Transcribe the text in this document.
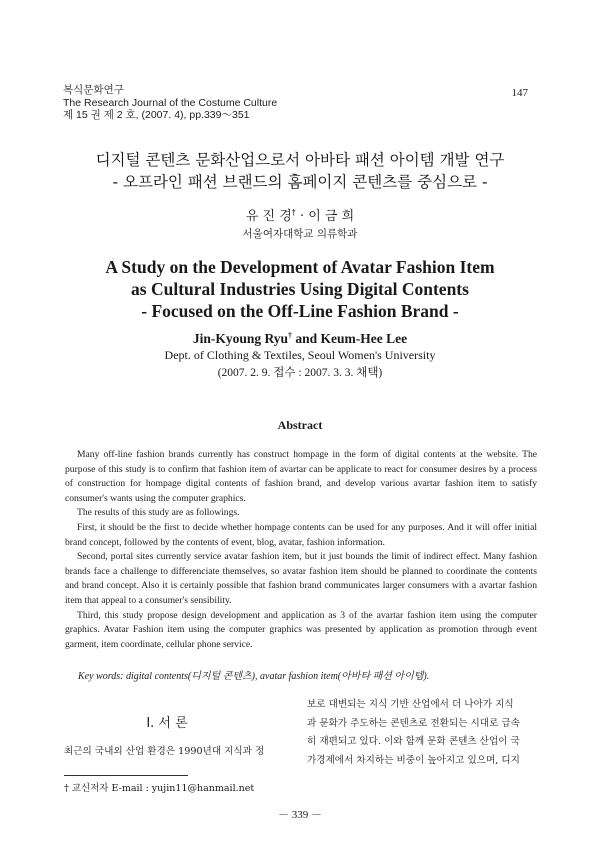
복식문화연구
The Research Journal of the Costume Culture
제 15 권 제 2 호, (2007. 4), pp.339～351
147
디지털 콘텐츠 문화산업으로서 아바타 패션 아이템 개발 연구
- 오프라인 패션 브랜드의 홈페이지 콘텐츠를 중심으로 -
유 진 경† · 이 금 희
서울여자대학교 의류학과
A Study on the Development of Avatar Fashion Item
as Cultural Industries Using Digital Contents
- Focused on the Off-Line Fashion Brand -
Jin-Kyoung Ryu† and Keum-Hee Lee
Dept. of Clothing & Textiles, Seoul Women's University
(2007. 2. 9. 접수 : 2007. 3. 3. 채택)
Abstract

Many off-line fashion brands currently has construct hompage in the form of digital contents at the website. The purpose of this study is to confirm that fashion item of avartar can be applicate to react for consumer desires by a process of construction for hompage digital contents of fashion brand, and develop various avartar fashion item to satisfy consumer's wants using the computer graphics.

The results of this study are as followings.

First, it should be the first to decide whether hompage contents can be used for any purposes. And it will offer initial brand concept, followed by the contents of event, blog, avatar, fashion information.

Second, portal sites currently service avatar fashion item, but it just bounds the limit of indirect effect. Many fashion brands face a challenge to differenciate themselves, so avatar fashion item should be planned to coordinate the contents and brand concept. Also it is certainly possible that fashion brand communicates larger consumers with a avartar fashion item that appeal to a consumer's sensibility.

Third, this study propose design development and application as 3 of the avartar fashion item using the computer graphics. Avatar Fashion item using the computer graphics was presented by application as promotion through event garment, item coordinate, cellular phone service.

Key words: digital contents(디지털 콘텐츠), avatar fashion item(아바타 패션 아이템).
Ⅰ. 서 론
최근의 국내외 산업 환경은 1990년대 지식과 정
보로 대변되는 지식 기반 산업에서 더 나아가 지식
과 문화가 주도하는 콘텐츠로 전환되는 시대로 급속
히 재편되고 있다. 이와 함께 문화 콘텐츠 산업이 국
가경제에서 차지하는 비중이 높아지고 있으며, 디지
† 교신저자 E-mail : yujin11@hanmail.net
－ 339 －
